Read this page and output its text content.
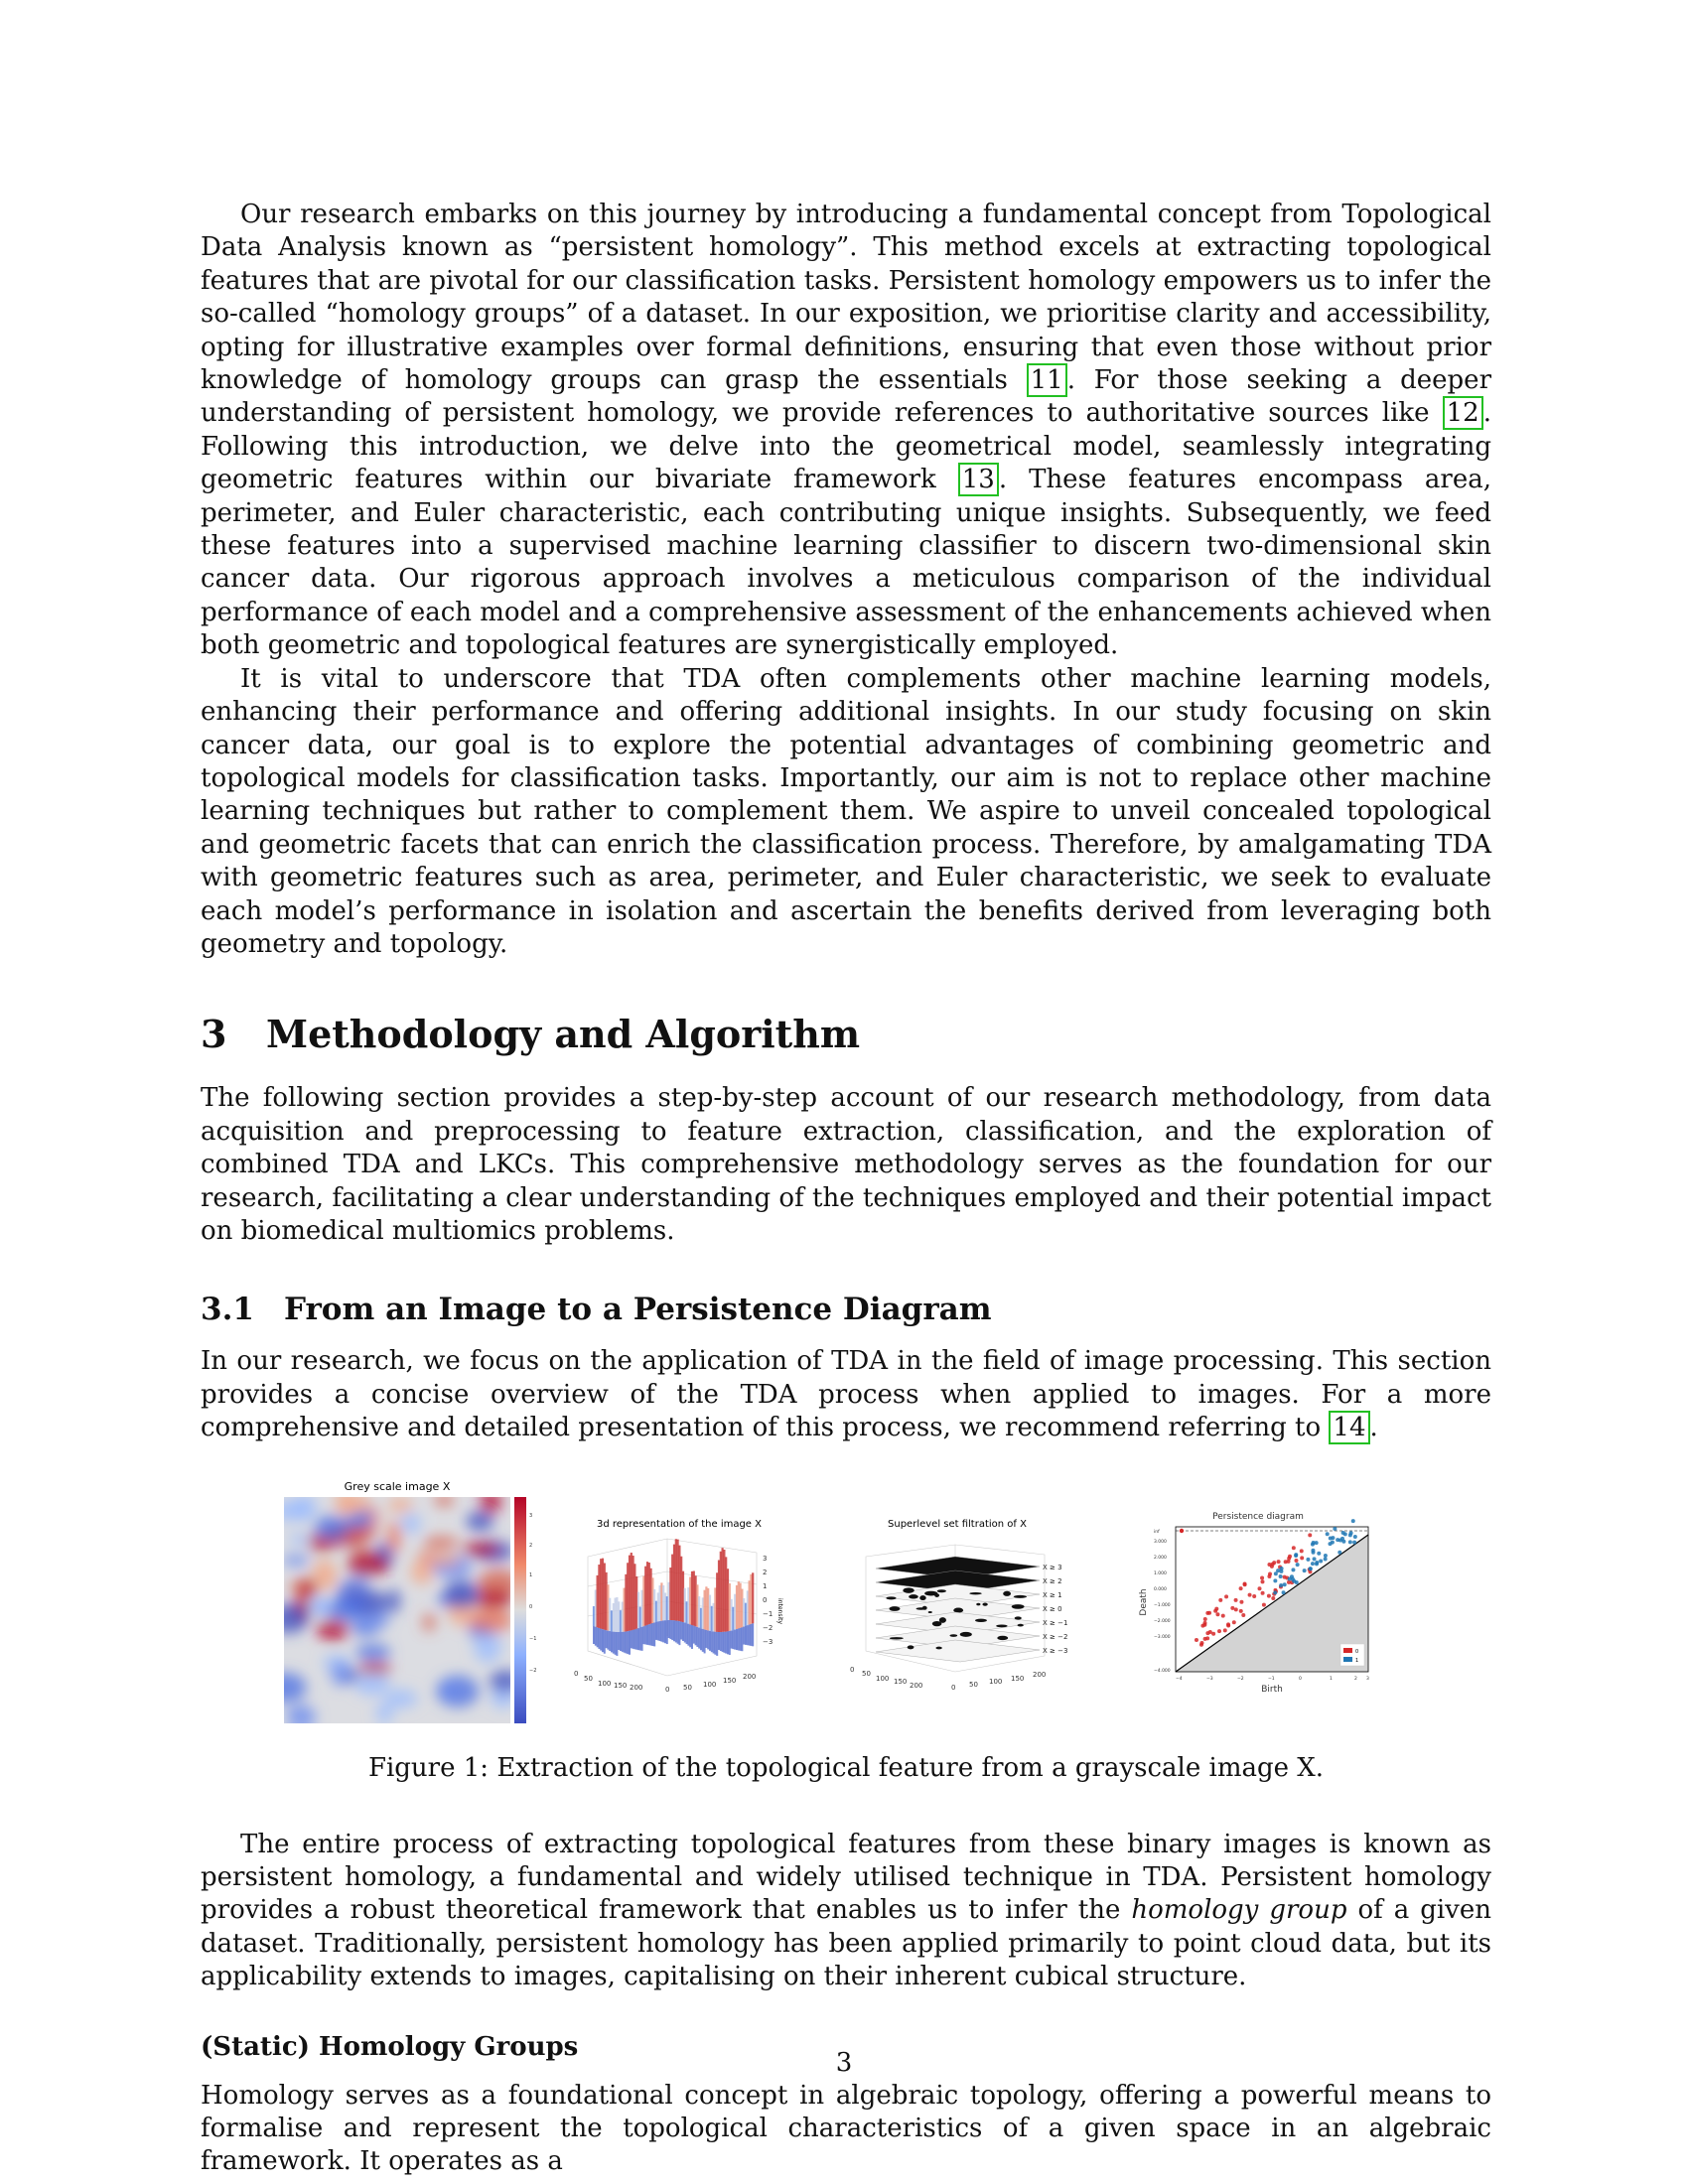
Our research embarks on this journey by introducing a fundamental concept from Topological Data Analysis known as “persistent homology”. This method excels at extracting topological features that are pivotal for our classification tasks. Persistent homology empowers us to infer the so-called “homology groups” of a dataset. In our exposition, we prioritise clarity and accessibility, opting for illustrative examples over formal definitions, ensuring that even those without prior knowledge of homology groups can grasp the essentials 11 . For those seeking a deeper understanding of persistent homology, we provide references to authoritative sources like 12 . Following this introduction, we delve into the geometrical model, seamlessly integrating geometric features within our bivariate framework 13 . These features encompass area, perimeter, and Euler characteristic, each contributing unique insights. Subsequently, we feed these features into a supervised machine learning classifier to discern two-dimensional skin cancer data. Our rigorous approach involves a meticulous comparison of the individual performance of each model and a comprehensive assessment of the enhancements achieved when both geometric and topological features are synergistically employed.

It is vital to underscore that TDA often complements other machine learning models, enhancing their performance and offering additional insights. In our study focusing on skin cancer data, our goal is to explore the potential advantages of combining geometric and topological models for classification tasks. Importantly, our aim is not to replace other machine learning techniques but rather to complement them. We aspire to unveil concealed topological and geometric facets that can enrich the classification process. Therefore, by amalgamating TDA with geometric features such as area, perimeter, and Euler characteristic, we seek to evaluate each model’s performance in isolation and ascertain the benefits derived from leveraging both geometry and topology.

3 Methodology and Algorithm

The following section provides a step-by-step account of our research methodology, from data acquisition and preprocessing to feature extraction, classification, and the exploration of combined TDA and LKCs. This comprehensive methodology serves as the foundation for our research, facilitating a clear understanding of the techniques employed and their potential impact on biomedical multiomics problems.

3.1 From an Image to a Persistence Diagram

In our research, we focus on the application of TDA in the field of image processing. This section provides a concise overview of the TDA process when applied to images. For a more comprehensive and detailed presentation of this process, we recommend referring to 14 .

Grey scale image X
3
2
1
0
−1
−2
3d representation of the image X
3
2
1
0
−1
−2
−3
0
50
100 150 200	0 50 100 150 200
intensity
Superlevel set filtration of X
X ≥ 3
X ≥ 2
X ≥ 1
X ≥ 0
X ≥ −1
X ≥ −2
X ≥ −3
0 50
100 150 200	0 50 100 150 200
Persistence diagram
inf
3.000
2.000
1.000
0.000
−1.000
−2.000
−3.000
−4.000
−4	−3	−2	−1	0	1	2 3
Birth
Death
0
1

Figure 1: Extraction of the topological feature from a grayscale image X.

The entire process of extracting topological features from these binary images is known as persistent homology, a fundamental and widely utilised technique in TDA. Persistent homology provides a robust theoretical framework that enables us to infer the homology group of a given dataset. Traditionally, persistent homology has been applied primarily to point cloud data, but its applicability extends to images, capitalising on their inherent cubical structure.

(Static) Homology Groups

Homology serves as a foundational concept in algebraic topology, offering a powerful means to formalise and represent the topological characteristics of a given space in an algebraic framework. It operates as a

3
